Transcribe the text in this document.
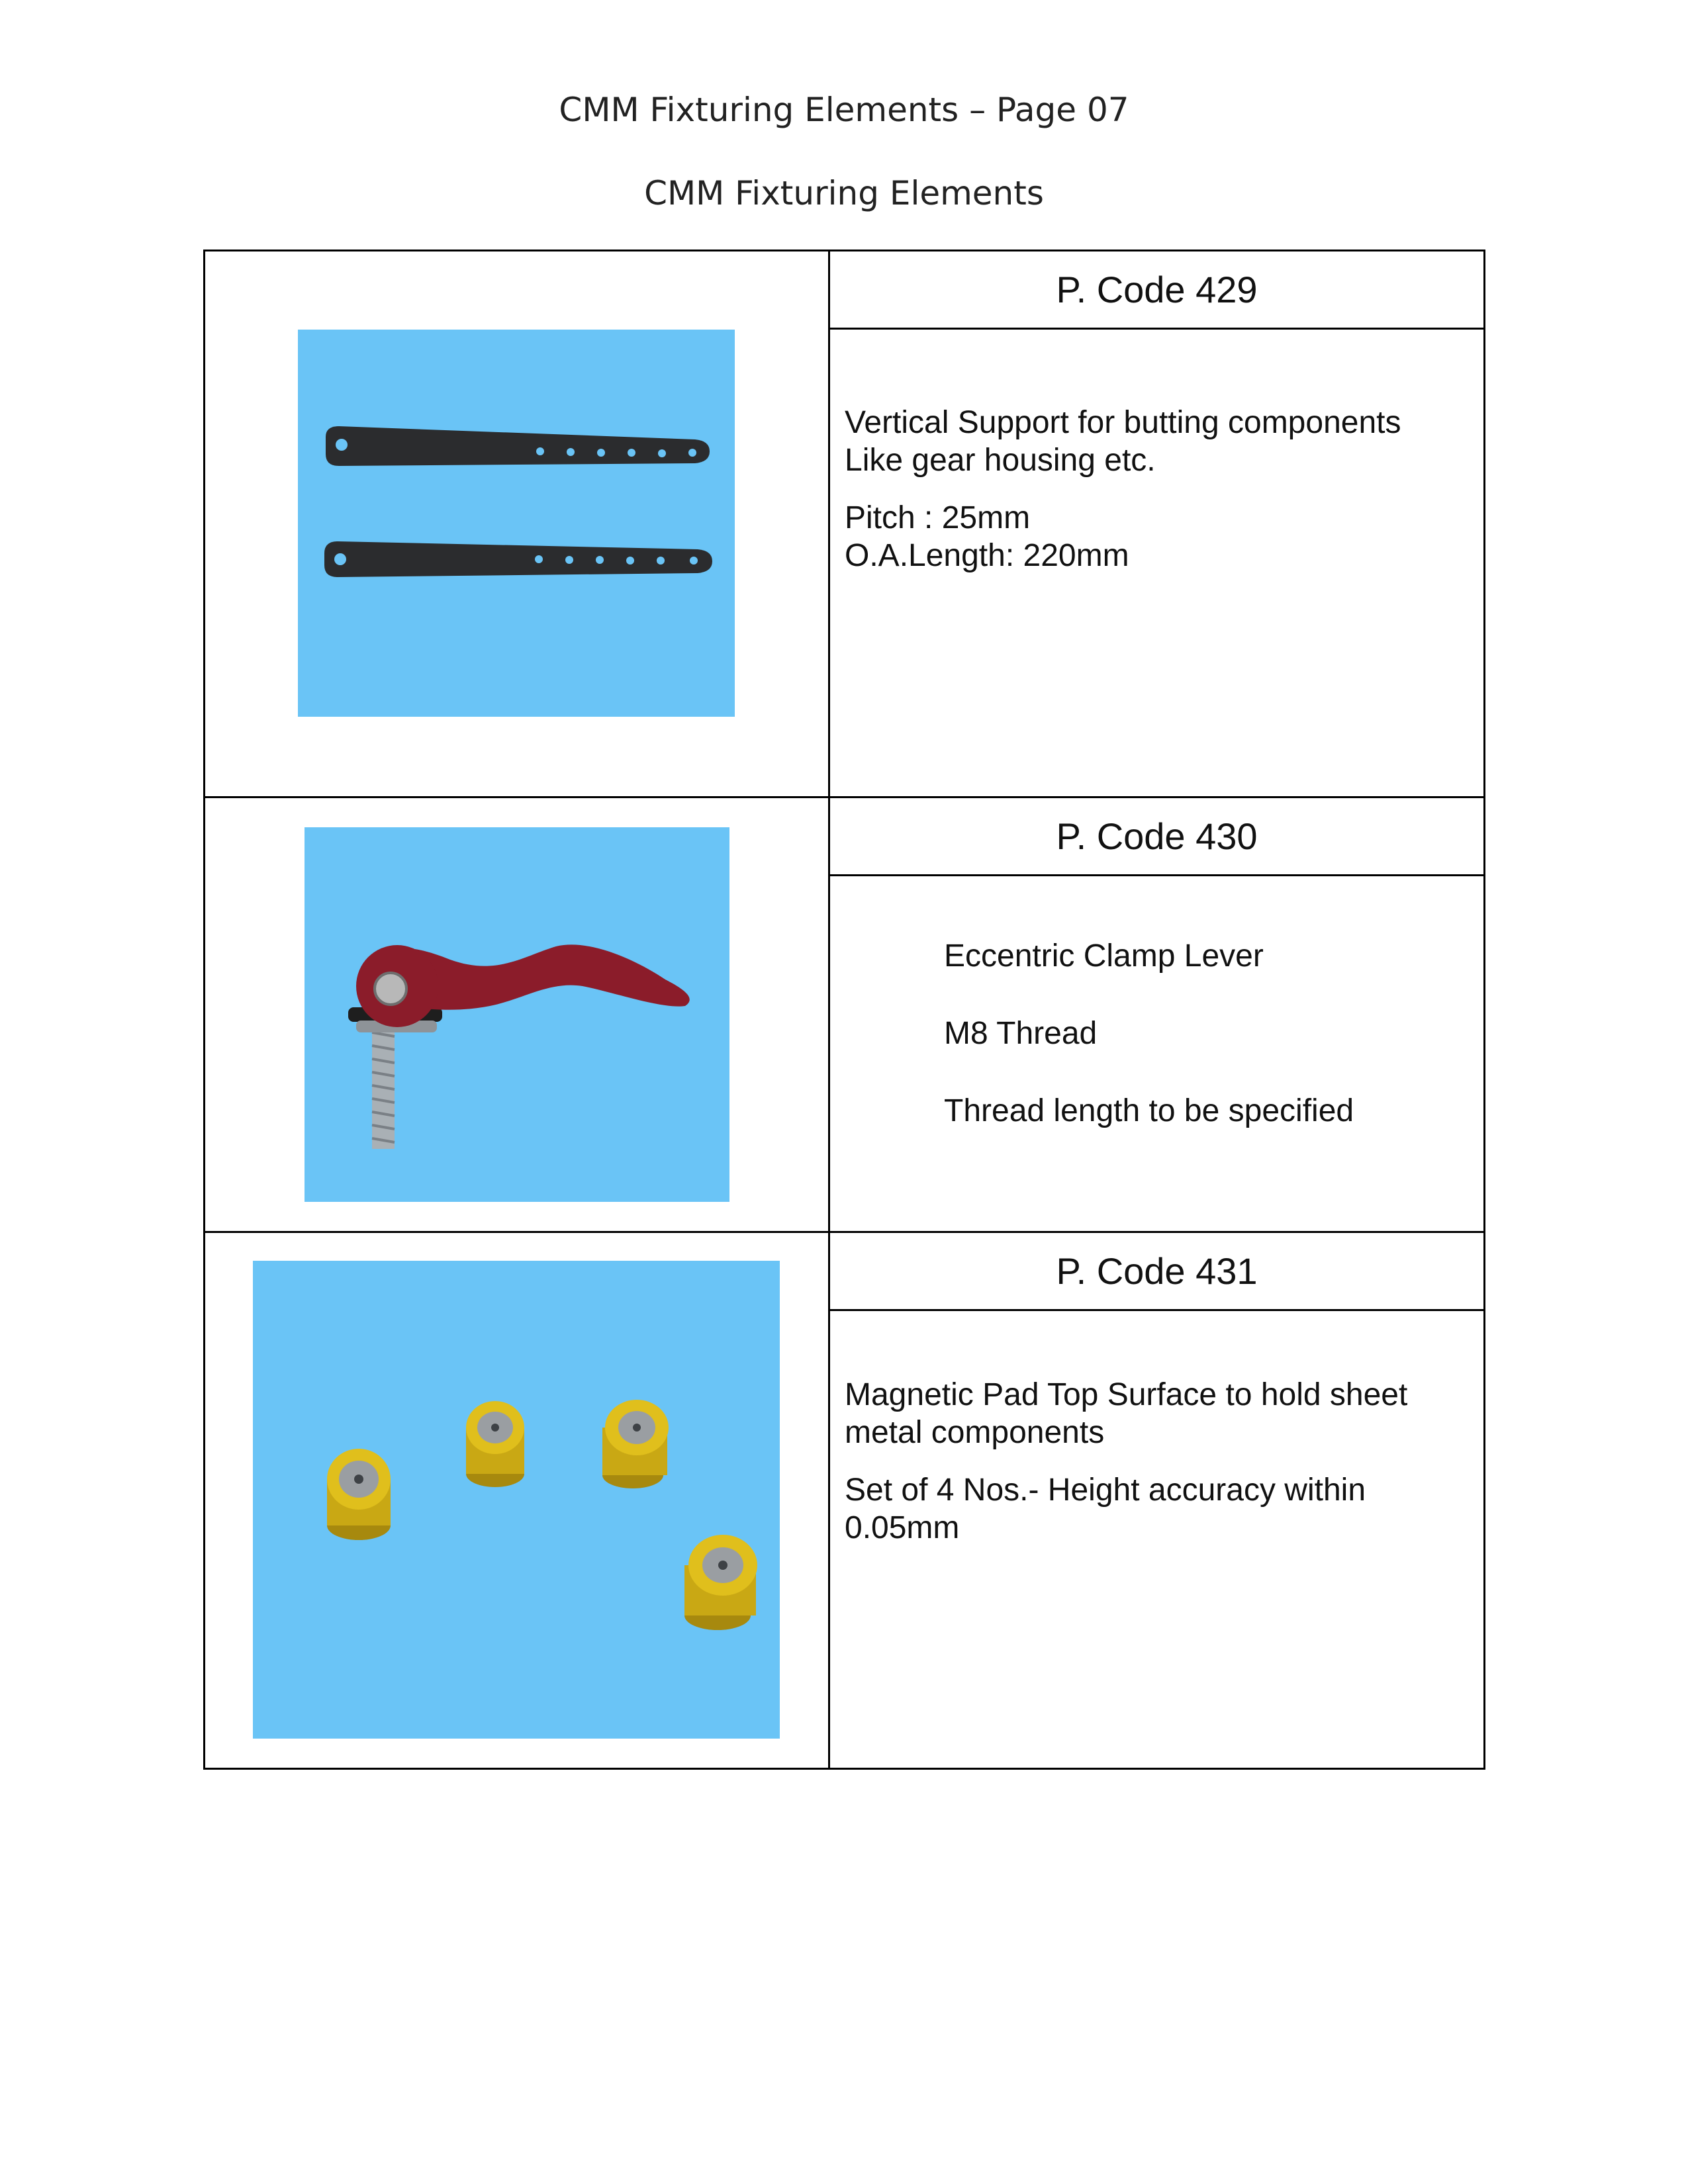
CMM Fixturing Elements – Page 07
CMM Fixturing Elements
P. Code 429

Vertical Support for butting components

Like gear housing etc.

Pitch : 25mm

O.A.Length: 220mm

P. Code 430

Eccentric Clamp Lever

M8 Thread

Thread length to be specified

P. Code 431

Magnetic Pad Top Surface to hold sheet

metal components

Set of 4 Nos.- Height accuracy within

0.05mm
